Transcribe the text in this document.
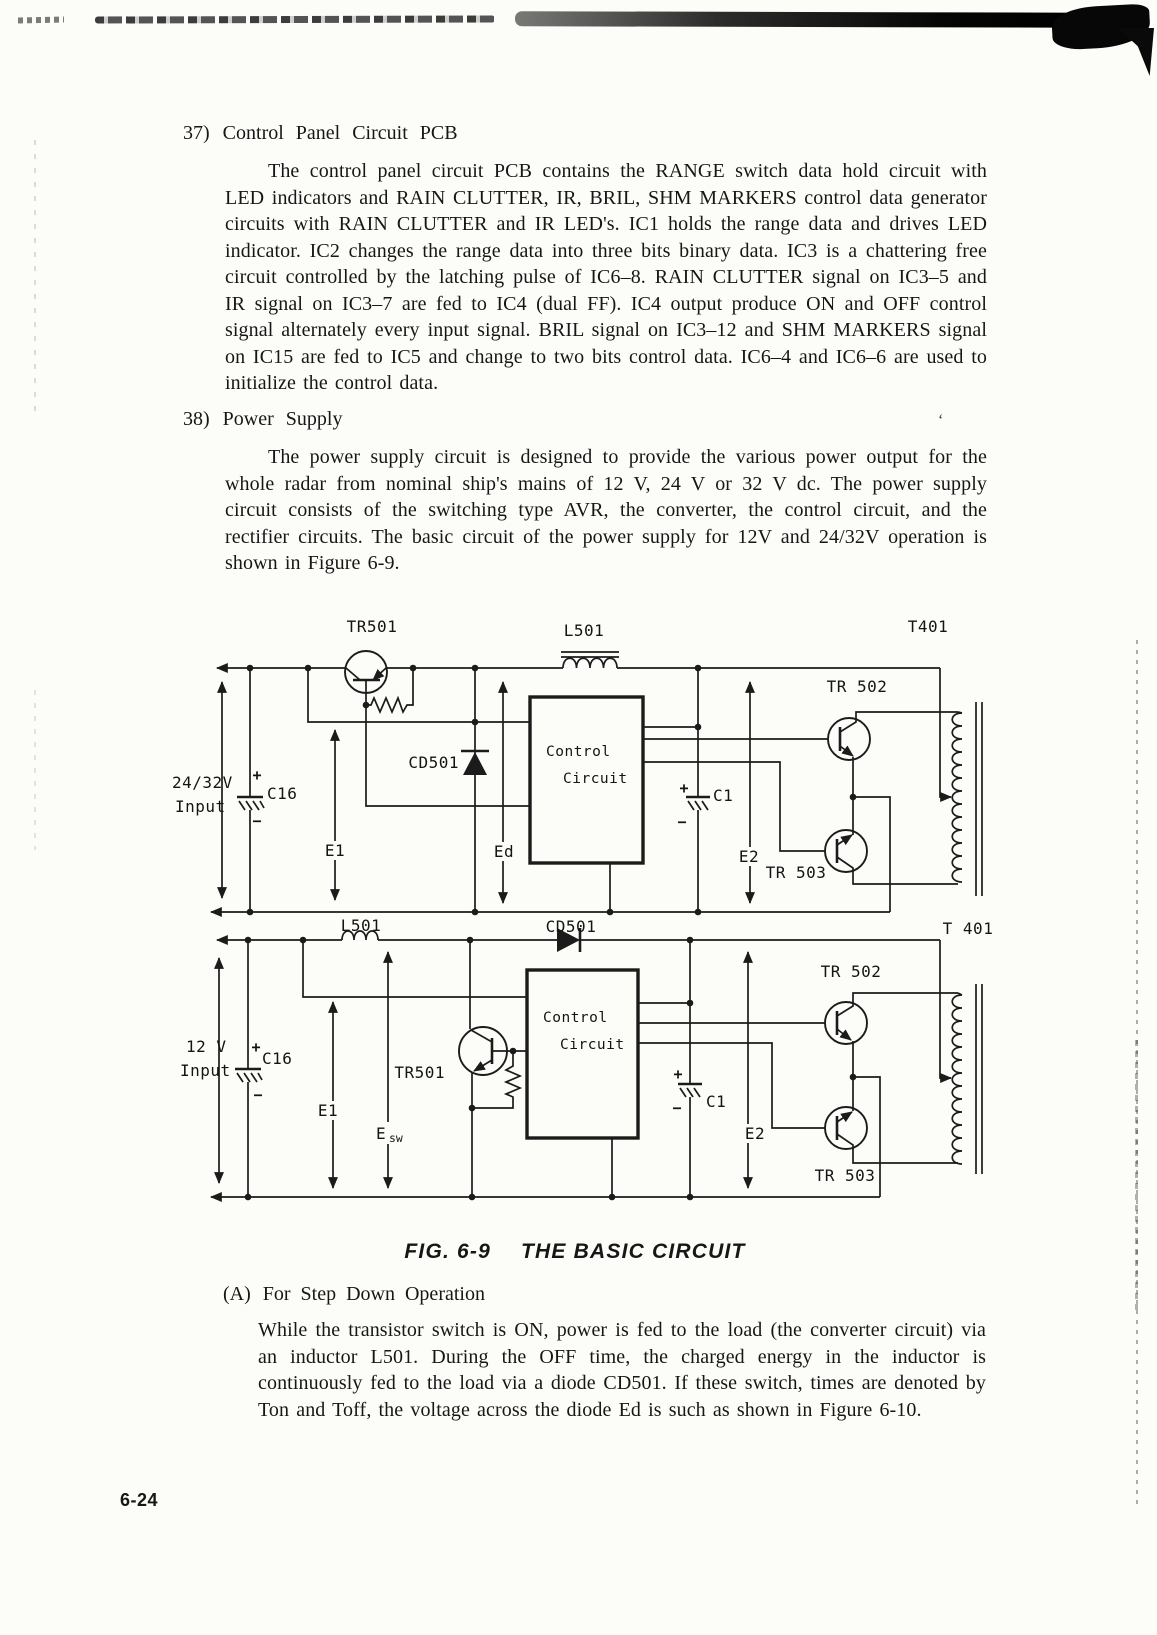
37) Control Panel Circuit PCB
The control panel circuit PCB contains the RANGE switch data hold circuit with LED indicators and RAIN CLUTTER, IR, BRIL, SHM MARKERS control data generator circuits with RAIN CLUTTER and IR LED's. IC1 holds the range data and drives LED indicator. IC2 changes the range data into three bits binary data. IC3 is a chattering free circuit controlled by the latching pulse of IC6–8. RAIN CLUTTER signal on IC3–5 and IR signal on IC3–7 are fed to IC4 (dual FF). IC4 output produce ON and OFF control signal alternately every input signal. BRIL signal on IC3–12 and SHM MARKERS signal on IC15 are fed to IC5 and change to two bits control data. IC6–4 and IC6–6 are used to initialize the control data.
38) Power Supply	‘
The power supply circuit is designed to provide the various power output for the whole radar from nominal ship's mains of 12 V, 24 V or 32 V dc. The power supply circuit consists of the switching type AVR, the converter, the control circuit, and the rectifier circuits. The basic circuit of the power supply for 12V and 24/32V operation is shown in Figure 6-9.
TR501	L501	T401
TR 502
TR 503
CD501
24/32V
Input
C16	C1
+
−
+
−
Control
Circuit
E1	Ed	E2
L501	CD501	T 401
TR 502
TR 503
TR501
12 V
Input
C16
C1
+
−
+
−
Control
Circuit
E1
E sw	E2
FIG. 6-9 THE BASIC CIRCUIT
(A) For Step Down Operation
While the transistor switch is ON, power is fed to the load (the converter circuit) via an inductor L501. During the OFF time, the charged energy in the inductor is continuously fed to the load via a diode CD501. If these switch, times are denoted by Ton and Toff, the voltage across the diode Ed is such as shown in Figure 6-10.
6-24
